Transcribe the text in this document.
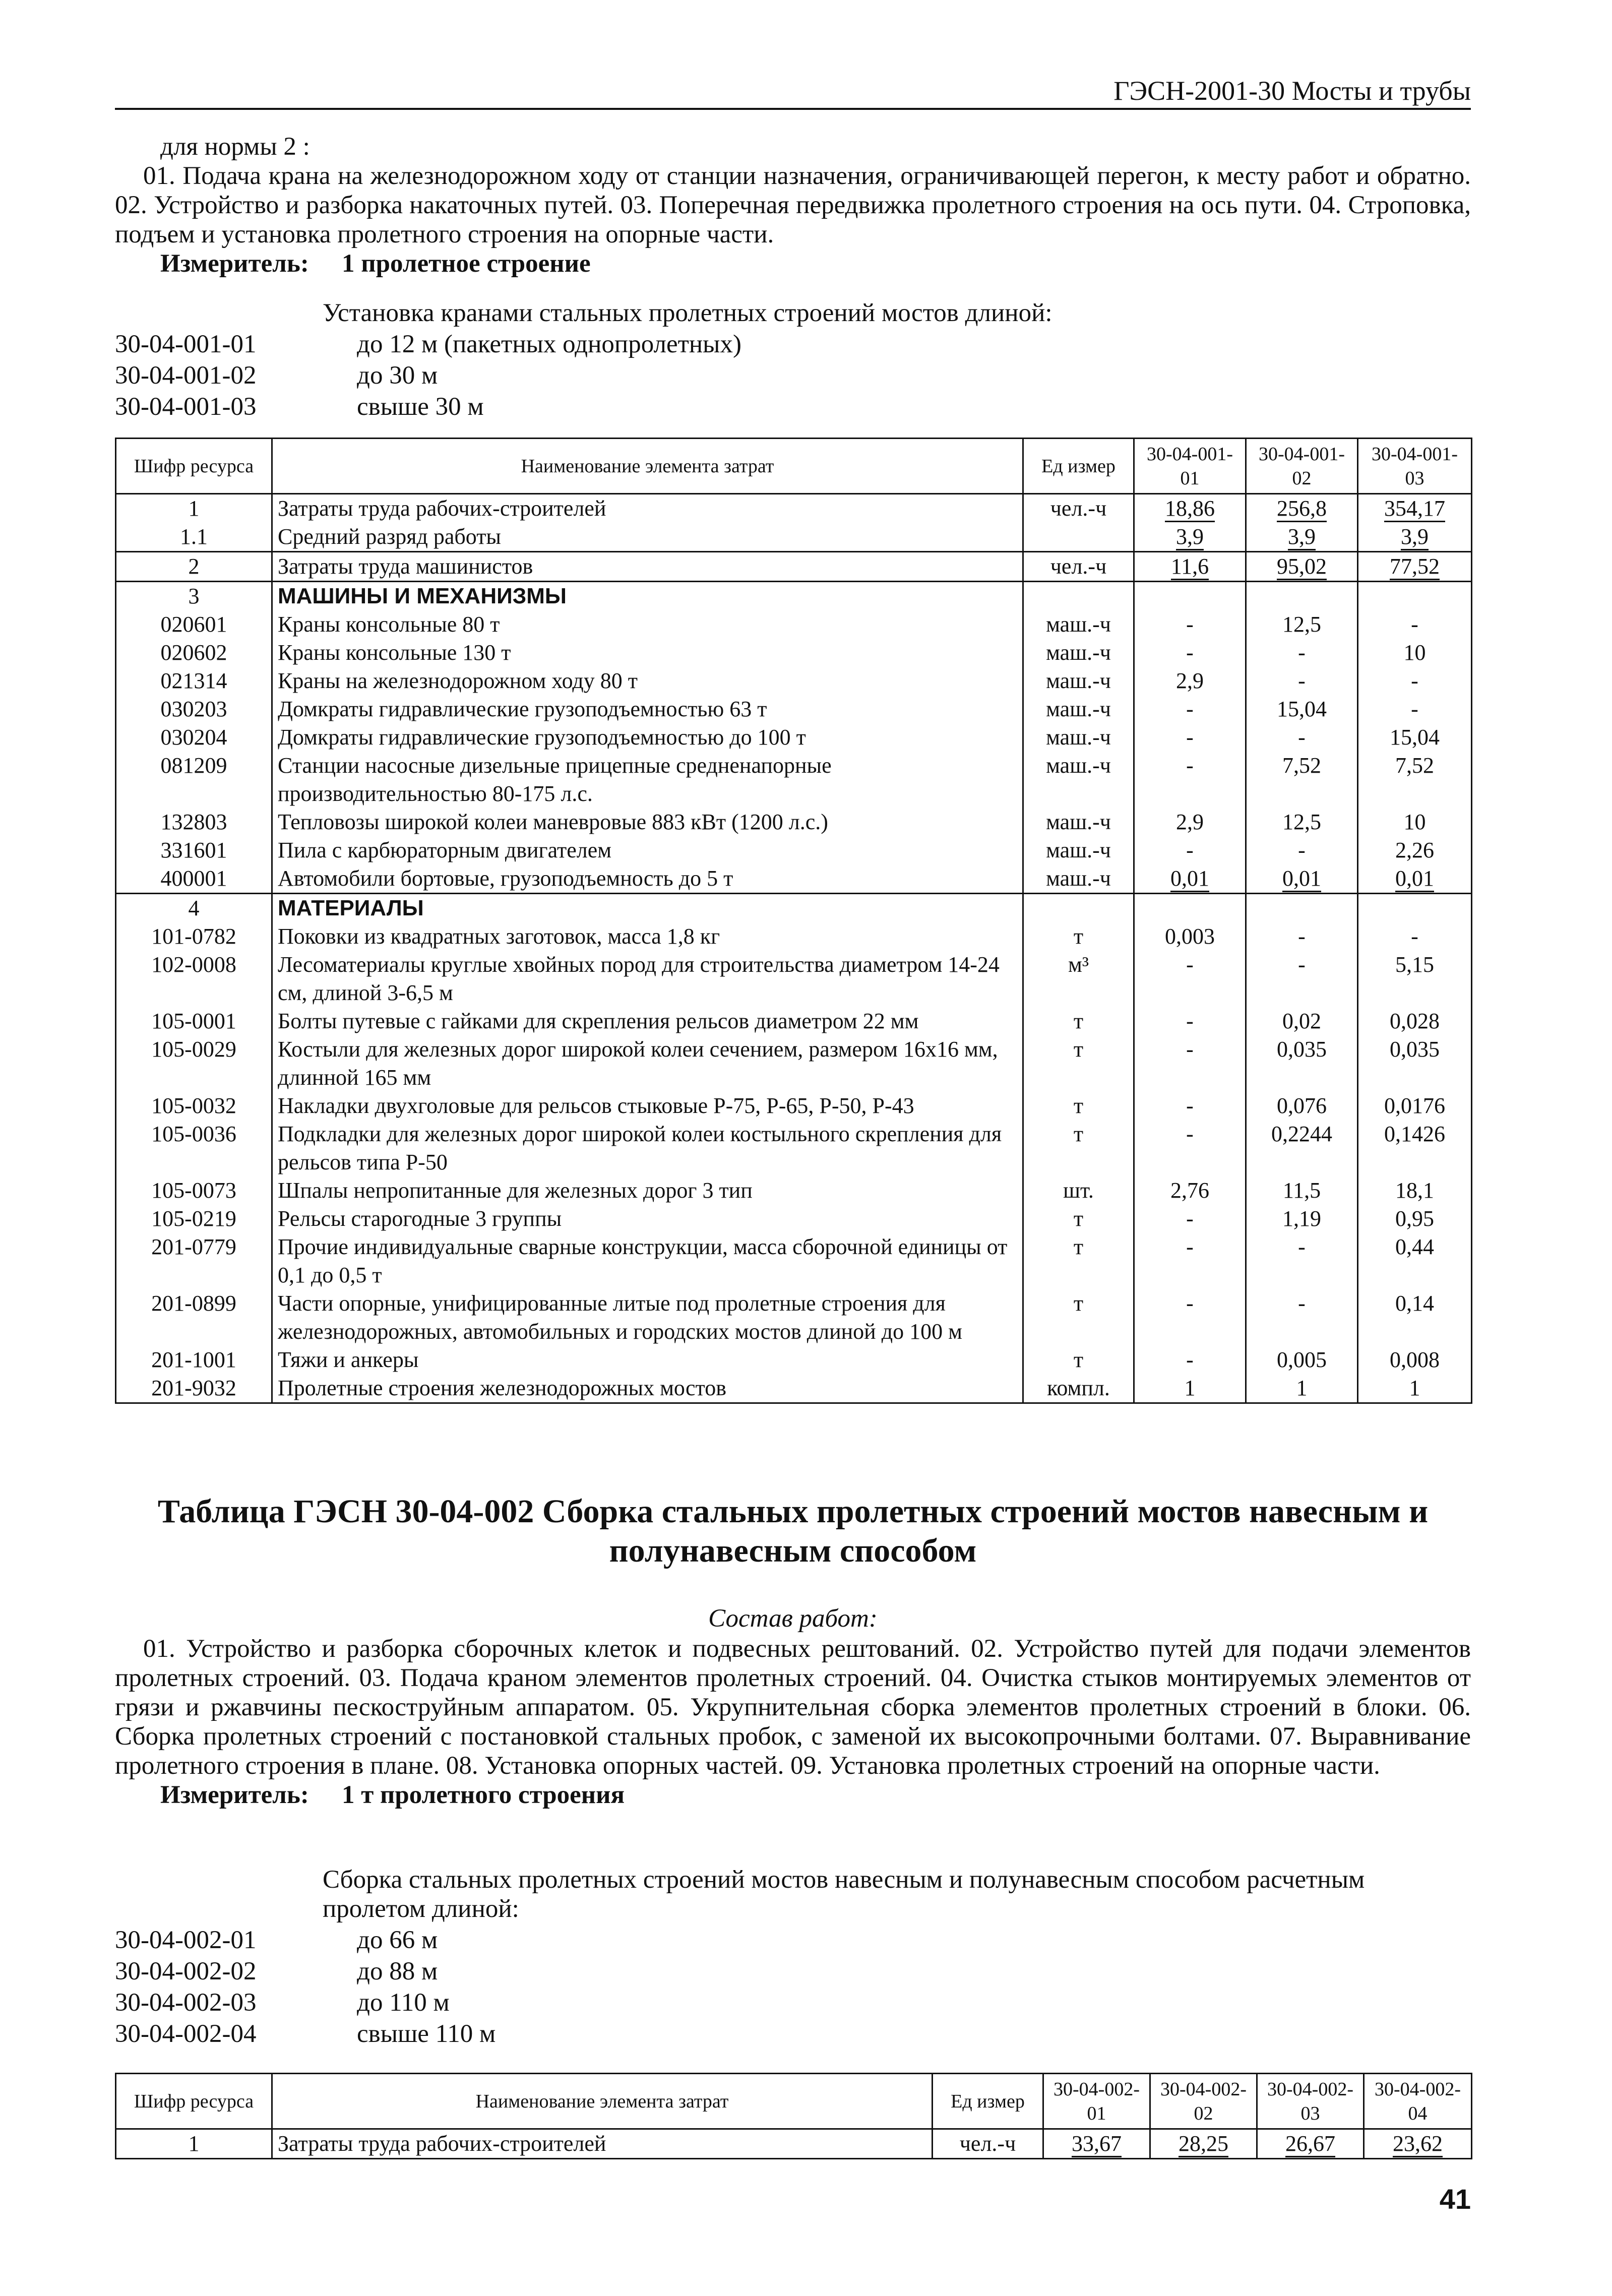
ГЭСН-2001-30 Мосты и трубы
для нормы 2 :

01. Подача крана на железнодорожном ходу от станции назначения, ограничивающей перегон, к месту работ и обратно. 02. Устройство и разборка накаточных путей. 03. Поперечная передвижка пролетного строения на ось пути. 04. Строповка, подъем и установка пролетного строения на опорные части.

Измеритель: 1 пролетное строение
Установка кранами стальных пролетных строений мостов длиной:
30-04-001-01	до 12 м (пакетных однопролетных)
30-04-001-02	до 30 м
30-04-001-03	свыше 30 м
Шифр ресурса	Наименование элемента затрат	Ед измер	30-04-001-01	30-04-001-02	30-04-001-03
1	Затраты труда рабочих-строителей	чел.-ч	18,86	256,8	354,17
1.1	Средний разряд работы		3,9	3,9	3,9
2	Затраты труда машинистов	чел.-ч	11,6	95,02	77,52
3	МАШИНЫ И МЕХАНИЗМЫ				
020601	Краны консольные 80 т	маш.-ч	-	12,5	-
020602	Краны консольные 130 т	маш.-ч	-	-	10
021314	Краны на железнодорожном ходу 80 т	маш.-ч	2,9	-	-
030203	Домкраты гидравлические грузоподъемностью 63 т	маш.-ч	-	15,04	-
030204	Домкраты гидравлические грузоподъемностью до 100 т	маш.-ч	-	-	15,04
081209	Станции насосные дизельные прицепные средненапорные производительностью 80-175 л.с.	маш.-ч	-	7,52	7,52
132803	Тепловозы широкой колеи маневровые 883 кВт (1200 л.с.)	маш.-ч	2,9	12,5	10
331601	Пила с карбюраторным двигателем	маш.-ч	-	-	2,26
400001	Автомобили бортовые, грузоподъемность до 5 т	маш.-ч	0,01	0,01	0,01
4	МАТЕРИАЛЫ				
101-0782	Поковки из квадратных заготовок, масса 1,8 кг	т	0,003	-	-
102-0008	Лесоматериалы круглые хвойных пород для строительства диаметром 14-24 см, длиной 3-6,5 м	м³	-	-	5,15
105-0001	Болты путевые с гайками для скрепления рельсов диаметром 22 мм	т	-	0,02	0,028
105-0029	Костыли для железных дорог широкой колеи сечением, размером 16х16 мм, длинной 165 мм	т	-	0,035	0,035
105-0032	Накладки двухголовые для рельсов стыковые Р-75, Р-65, Р-50, Р-43	т	-	0,076	0,0176
105-0036	Подкладки для железных дорог широкой колеи костыльного скрепления для рельсов типа Р-50	т	-	0,2244	0,1426
105-0073	Шпалы непропитанные для железных дорог 3 тип	шт.	2,76	11,5	18,1
105-0219	Рельсы старогодные 3 группы	т	-	1,19	0,95
201-0779	Прочие индивидуальные сварные конструкции, масса сборочной единицы от 0,1 до 0,5 т	т	-	-	0,44
201-0899	Части опорные, унифицированные литые под пролетные строения для железнодорожных, автомобильных и городских мостов длиной до 100 м	т	-	-	0,14
201-1001	Тяжи и анкеры	т	-	0,005	0,008
201-9032	Пролетные строения железнодорожных мостов	компл.	1	1	1
Таблица ГЭСН 30-04-002 Сборка стальных пролетных строений мостов навесным и полунавесным способом
Состав работ:

01. Устройство и разборка сборочных клеток и подвесных рештований. 02. Устройство путей для подачи элементов пролетных строений. 03. Подача краном элементов пролетных строений. 04. Очистка стыков монтируемых элементов от грязи и ржавчины пескоструйным аппаратом. 05. Укрупнительная сборка элементов пролетных строений в блоки. 06. Сборка пролетных строений с постановкой стальных пробок, с заменой их высокопрочными болтами. 07. Выравнивание пролетного строения в плане. 08. Установка опорных частей. 09. Установка пролетных строений на опорные части.

Измеритель: 1 т пролетного строения
Сборка стальных пролетных строений мостов навесным и полунавесным способом расчетным пролетом длиной:
30-04-002-01	до 66 м
30-04-002-02	до 88 м
30-04-002-03	до 110 м
30-04-002-04	свыше 110 м
Шифр ресурса	Наименование элемента затрат	Ед измер	30-04-002-01	30-04-002-02	30-04-002-03	30-04-002-04
1	Затраты труда рабочих-строителей	чел.-ч	33,67	28,25	26,67	23,62
41
